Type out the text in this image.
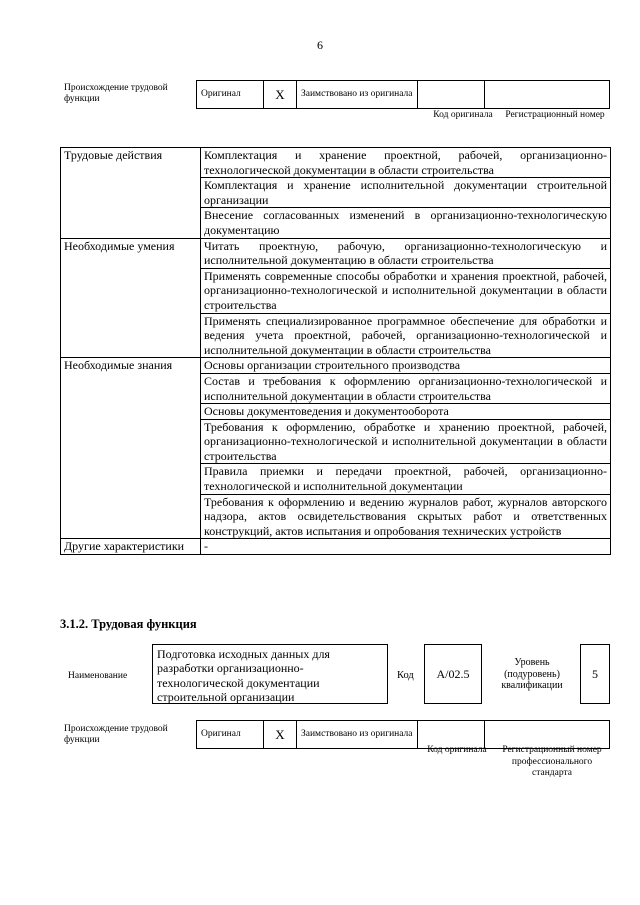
6
Происхождение трудовой функции	Оригинал	X	Заимствовано из оригинала		
Код оригинала	Регистрационный номер
Трудовые действия	Комплектация и хранение проектной, рабочей, организационно-технологической документации в области строительства
	Комплектация и хранение исполнительной документации строительной организации
	Внесение согласованных изменений в организационно-технологическую документацию
Необходимые умения	Читать проектную, рабочую, организационно-технологическую и исполнительной документацию в области строительства
	Применять современные способы обработки и хранения проектной, рабочей, организационно-технологической и исполнительной документации в области строительства
	Применять специализированное программное обеспечение для обработки и ведения учета проектной, рабочей, организационно-технологической и исполнительной документации в области строительства
Необходимые знания	Основы организации строительного производства
	Состав и требования к оформлению организационно-технологической и исполнительной документации в области строительства
	Основы документоведения и документооборота
	Требования к оформлению, обработке и хранению проектной, рабочей, организационно-технологической и исполнительной документации в области строительства
	Правила приемки и передачи проектной, рабочей, организационно-технологической и исполнительной документации
	Требования к оформлению и ведению журналов работ, журналов авторского надзора, актов освидетельствования скрытых работ и ответственных конструкций, актов испытания и опробования технических устройств
Другие характеристики	-
3.1.2. Трудовая функция
Наименование
Подготовка исходных данных для разработки организационно-технологической документации строительной организации
Код	А/02.5
Уровень (подуровень) квалификации
5
Происхождение трудовой функции
Оригинал	X	Заимствовано из оригинала		
Код оригинала	Регистрационный номер профессионального стандарта
